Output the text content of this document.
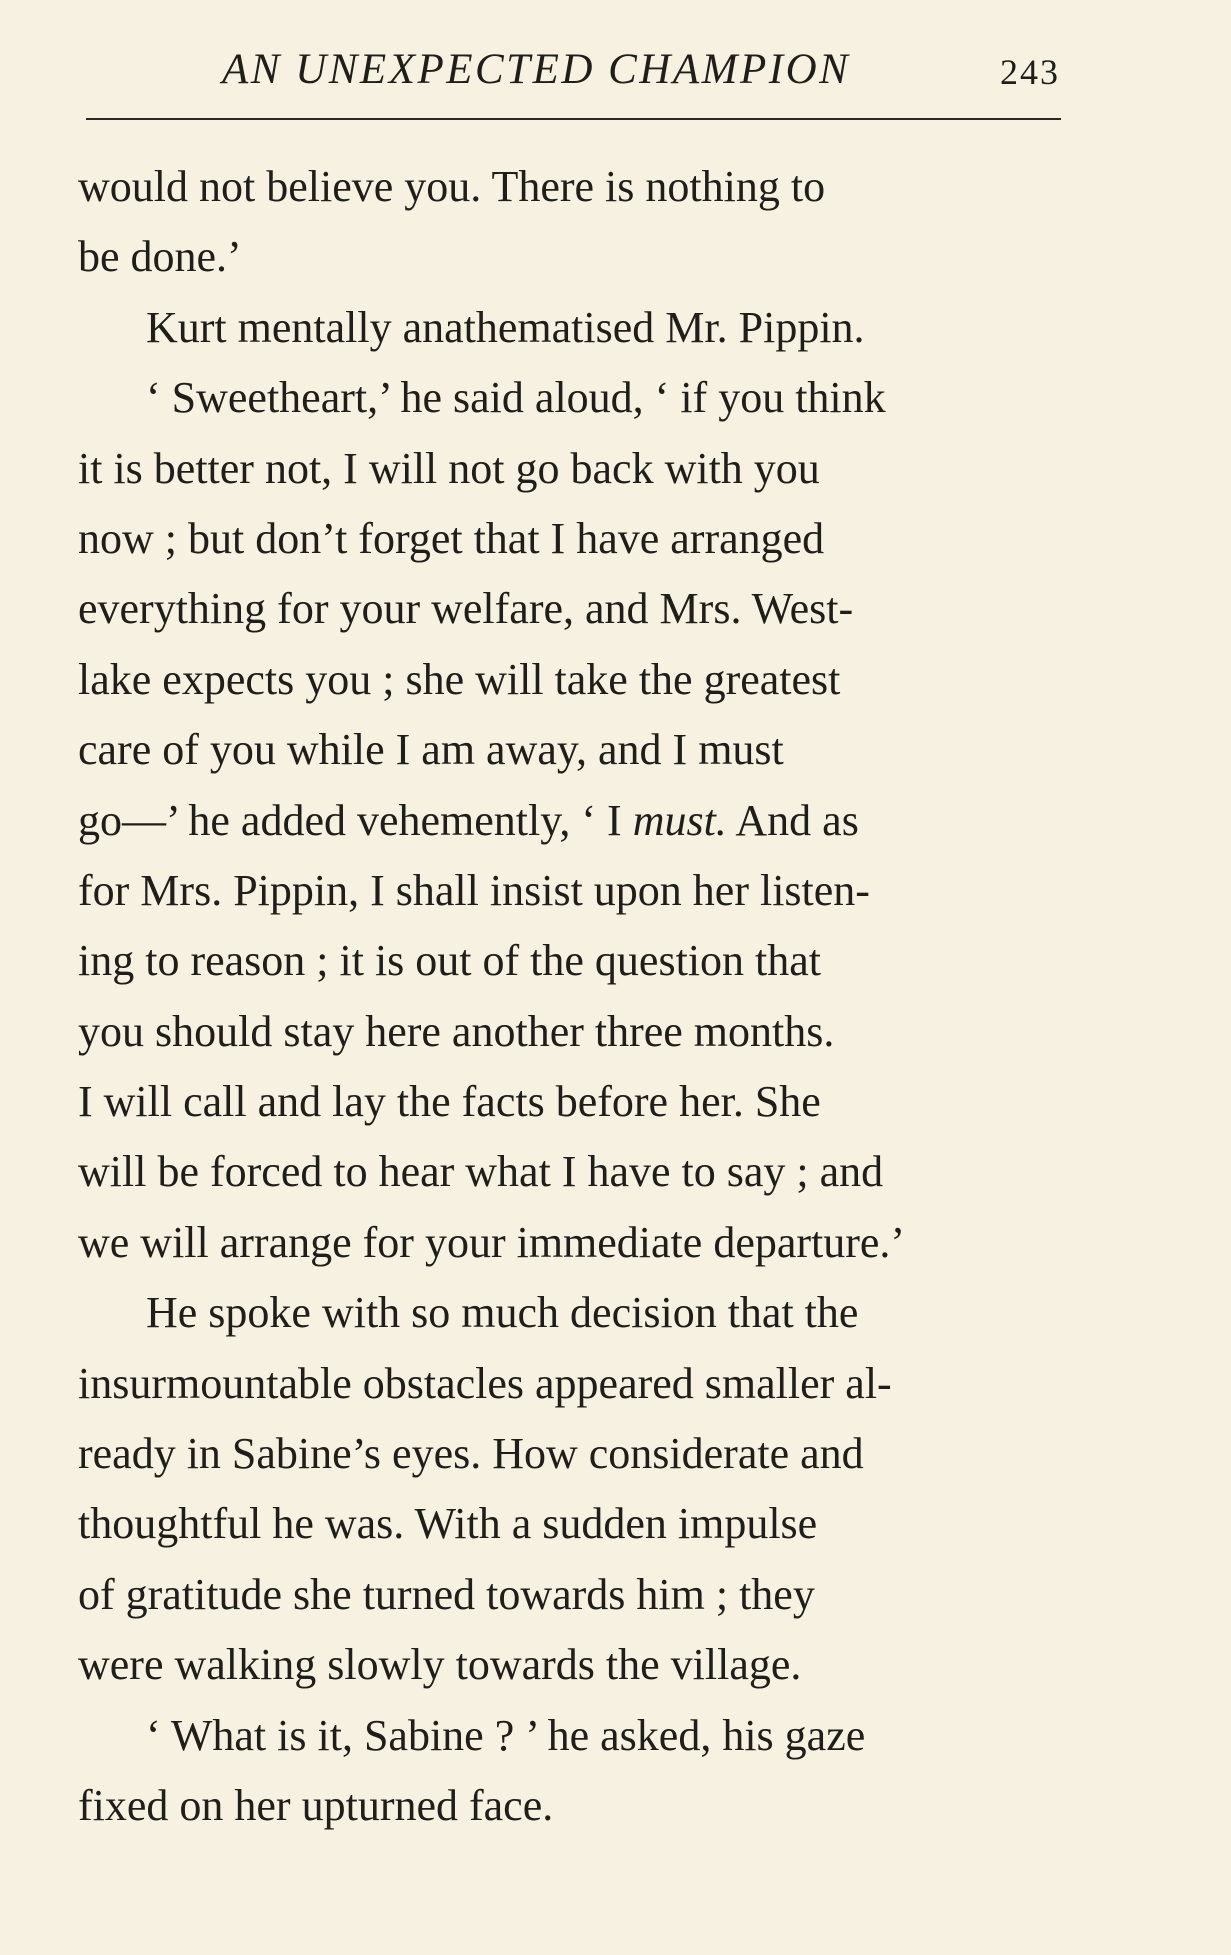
AN UNEXPECTED CHAMPION	243
would not believe you. There is nothing to
be done.’
Kurt mentally anathematised Mr. Pippin.
‘ Sweetheart,’ he said aloud, ‘ if you think
it is better not, I will not go back with you
now ; but don’t forget that I have arranged
everything for your welfare, and Mrs. West-
lake expects you ; she will take the greatest
care of you while I am away, and I must
go—’ he added vehemently, ‘ I must. And as
for Mrs. Pippin, I shall insist upon her listen-
ing to reason ; it is out of the question that
you should stay here another three months.
I will call and lay the facts before her. She
will be forced to hear what I have to say ; and
we will arrange for your immediate departure.’
He spoke with so much decision that the
insurmountable obstacles appeared smaller al-
ready in Sabine’s eyes. How considerate and
thoughtful he was. With a sudden impulse
of gratitude she turned towards him ; they
were walking slowly towards the village.
‘ What is it, Sabine ? ’ he asked, his gaze
fixed on her upturned face.
